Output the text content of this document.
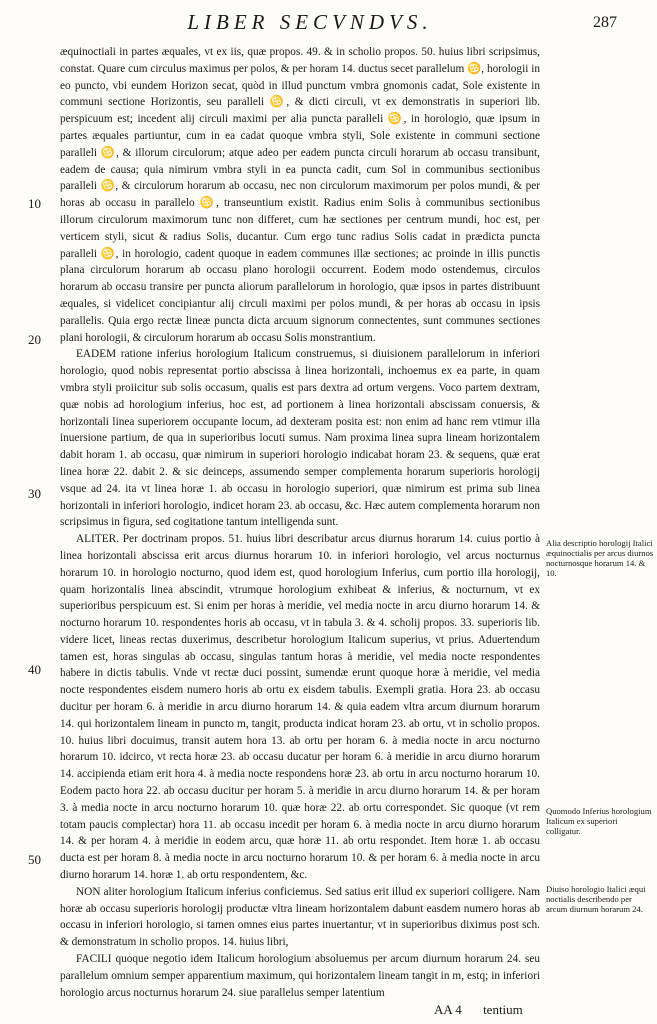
LIBER SECVNDVS.	287
10
20
30
40
50

æquinoctiali in partes æquales, vt ex iis, quæ propos. 49. & in scholio propos. 50. huius libri scripsimus, constat. Quare cum circulus maximus per polos, & per horam 14. ductus secet parallelum ♋, horologii in eo puncto, vbi eundem Horizon secat, quòd in illud punctum vmbra gnomonis cadat, Sole existente in communi sectione Horizontis, seu paralleli ♋, & dicti circuli, vt ex demonstratis in superiori lib. perspicuum est; incedent alij circuli maximi per alia puncta paralleli ♋, in horologio, quæ ipsum in partes æquales partiuntur, cum in ea cadat quoque vmbra styli, Sole existente in communi sectione paralleli ♋, & illorum circulorum; atque adeo per eadem puncta circuli horarum ab occasu transibunt, eadem de causa; quia nimirum vmbra styli in ea puncta cadit, cum Sol in communibus sectionibus paralleli ♋, & circulorum horarum ab occasu, nec non circulorum maximorum per polos mundi, & per horas ab occasu in parallelo ♋, transeuntium existit. Radius enim Solis à communibus sectionibus illorum circulorum maximorum tunc non differet, cum hæ sectiones per centrum mundi, hoc est, per verticem styli, sicut & radius Solis, ducantur. Cum ergo tunc radius Solis cadat in prædicta puncta paralleli ♋, in horologio, cadent quoque in eadem communes illæ sectiones; ac proinde in illis punctis plana circulorum horarum ab occasu plano horologii occurrent. Eodem modo ostendemus, circulos horarum ab occasu transire per puncta aliorum parallelorum in horologio, quæ ipsos in partes distribuunt æquales, si videlicet concipiantur alij circuli maximi per polos mundi, & per horas ab occasu in ipsis parallelis. Quia ergo rectæ lineæ puncta dicta arcuum signorum connectentes, sunt communes sectiones plani horologii, & circulorum horarum ab occasu Solis monstrantium.

EADEM ratione inferius horologium Italicum construemus, si diuisionem parallelorum in inferiori horologio, quod nobis representat portio abscissa à linea horizontali, inchoemus ex ea parte, in quam vmbra styli proiicitur sub solis occasum, qualis est pars dextra ad ortum vergens. Voco partem dextram, quæ nobis ad horologium inferius, hoc est, ad portionem à linea horizontali abscissam conuersis, & horizontali linea superiorem occupante locum, ad dexteram posita est: non enim ad hanc rem vtimur illa inuersione partium, de qua in superioribus locuti sumus. Nam proxima linea supra lineam horizontalem dabit horam 1. ab occasu, quæ nimirum in superiori horologio indicabat horam 23. & sequens, quæ erat linea horæ 22. dabit 2. & sic deinceps, assumendo semper complementa horarum superioris horologij vsque ad 24. ita vt linea horæ 1. ab occasu in horologio superiori, quæ nimirum est prima sub linea horizontali in inferiori horologio, indicet horam 23. ab occasu, &c. Hæc autem complementa horarum non scripsimus in figura, sed cogitatione tantum intelligenda sunt.

ALITER. Per doctrinam propos. 51. huius libri describatur arcus diurnus horarum 14. cuius portio à linea horizontali abscissa erit arcus diurnus horarum 10. in inferiori horologio, vel arcus nocturnus horarum 10. in horologio nocturno, quod idem est, quod horologium Inferius, cum portio illa horologij, quam horizontalis linea abscindit, vtrumque horologium exhibeat & inferius, & nocturnum, vt ex superioribus perspicuum est. Si enim per horas à meridie, vel media nocte in arcu diurno horarum 14. & nocturno horarum 10. respondentes horis ab occasu, vt in tabula 3. & 4. scholij propos. 33. superioris lib. videre licet, lineas rectas duxerimus, describetur horologium Italicum superius, vt prius. Aduertendum tamen est, horas singulas ab occasu, singulas tantum horas à meridie, vel media nocte respondentes habere in dictis tabulis. Vnde vt rectæ duci possint, sumendæ erunt quoque horæ à meridie, vel media nocte respondentes eisdem numero horis ab ortu ex eisdem tabulis. Exempli gratia. Hora 23. ab occasu ducitur per horam 6. à meridie in arcu diurno horarum 14. & quia eadem vltra arcum diurnum horarum 14. qui horizontalem lineam in puncto m, tangit, producta indicat horam 23. ab ortu, vt in scholio propos. 10. huius libri docuimus, transit autem hora 13. ab ortu per horam 6. à media nocte in arcu nocturno horarum 10. idcirco, vt recta horæ 23. ab occasu ducatur per horam 6. à meridie in arcu diurno horarum 14. accipienda etiam erit hora 4. à media nocte respondens horæ 23. ab ortu in arcu nocturno horarum 10. Eodem pacto hora 22. ab occasu ducitur per horam 5. à meridie in arcu diurno horarum 14. & per horam 3. à media nocte in arcu nocturno horarum 10. quæ horæ 22. ab ortu correspondet. Sic quoque (vt rem totam paucis complectar) hora 11. ab occasu incedit per horam 6. à media nocte in arcu diurno horarum 14. & per horam 4. à meridie in eodem arcu, quæ horæ 11. ab ortu respondet. Item horæ 1. ab occasu ducta est per horam 8. à media nocte in arcu nocturno horarum 10. & per horam 6. à media nocte in arcu diurno horarum 14. horæ 1. ab ortu respondentem, &c.

NON aliter horologium Italicum inferius conficiemus. Sed satius erit illud ex superiori colligere. Nam horæ ab occasu superioris horologij productæ vltra lineam horizontalem dabunt easdem numero horas ab occasu in inferiori horologio, si tamen omnes eius partes inuertantur, vt in superioribus diximus post sch. & demonstratum in scholio propos. 14. huius libri,

FACILI quoque negotio idem Italicum horologium absoluemus per arcum diurnum horarum 24. seu parallelum omnium semper apparentium maximum, qui horizontalem lineam tangit in m, estq; in inferiori horologio arcus nocturnus horarum 24. siue parallelus semper latentium

Alia descriptio horologij Italici æquinoctialis per arcus diurnos nocturnosque horarum 14. & 10.

Quomodo Inferius horologium Italicum ex superiori colligatur.

Diuiso horologio Italici æqui noctialis describendo per arcum diurnum horarum 24.

AA 4 tentium
